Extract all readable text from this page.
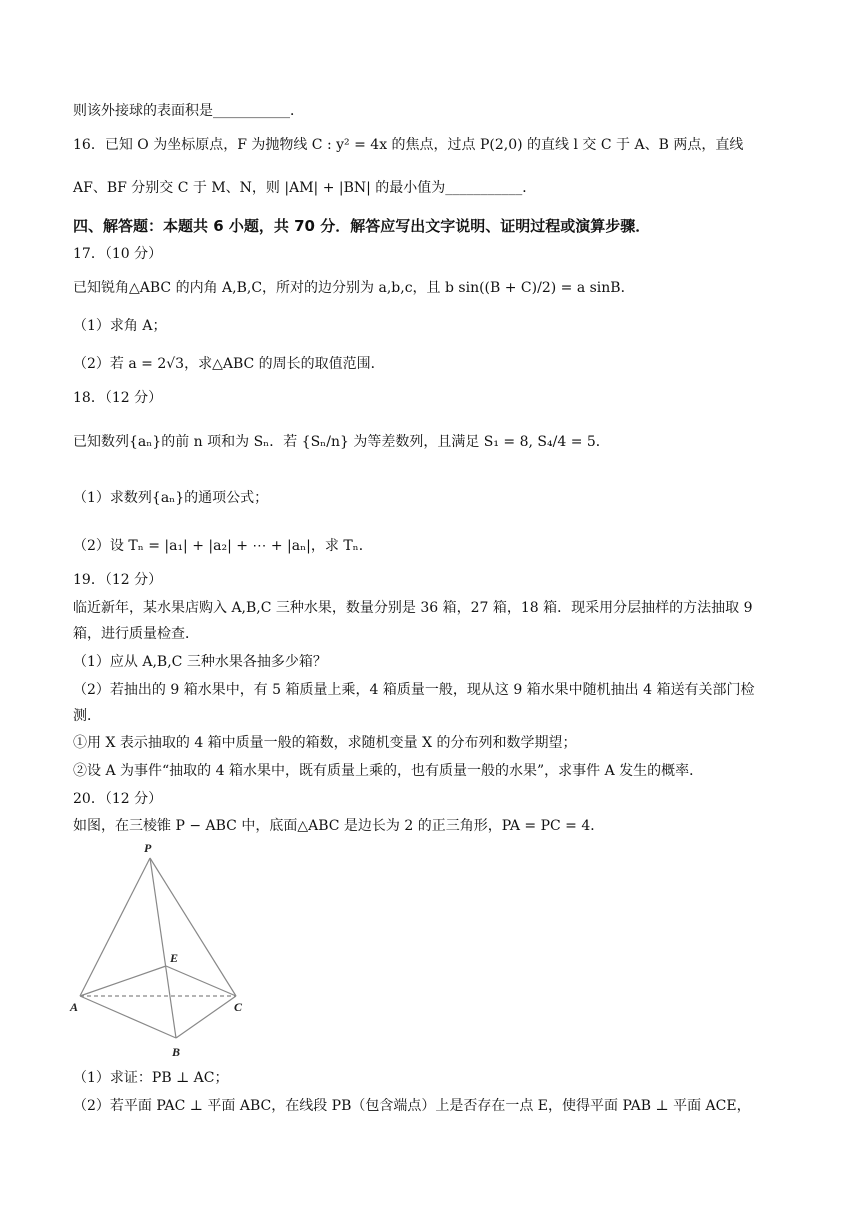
则该外接球的表面积是___________．
16．已知 O 为坐标原点，F 为抛物线 C : y² = 4x 的焦点，过点 P(2,0) 的直线 l 交 C 于 A、B 两点，直线
AF、BF 分别交 C 于 M、N，则 |AM| + |BN| 的最小值为___________．
四、解答题：本题共 6 小题，共 70 分．解答应写出文字说明、证明过程或演算步骤．
17．（10 分）
已知锐角△ABC 的内角 A,B,C，所对的边分别为 a,b,c，且 b sin((B + C)/2) = a sinB．
（1）求角 A；
（2）若 a = 2√3，求△ABC 的周长的取值范围．
18．（12 分）
已知数列{aₙ}的前 n 项和为 Sₙ．若 {Sₙ/n} 为等差数列，且满足 S₁ = 8, S₄/4 = 5．
（1）求数列{aₙ}的通项公式；
（2）设 Tₙ = |a₁| + |a₂| + ⋯ + |aₙ|，求 Tₙ．
19．（12 分）
临近新年，某水果店购入 A,B,C 三种水果，数量分别是 36 箱，27 箱，18 箱．现采用分层抽样的方法抽取 9
箱，进行质量检查．
（1）应从 A,B,C 三种水果各抽多少箱？
（2）若抽出的 9 箱水果中，有 5 箱质量上乘，4 箱质量一般，现从这 9 箱水果中随机抽出 4 箱送有关部门检
测．
①用 X 表示抽取的 4 箱中质量一般的箱数，求随机变量 X 的分布列和数学期望；
②设 A 为事件“抽取的 4 箱水果中，既有质量上乘的，也有质量一般的水果”，求事件 A 发生的概率．
20．（12 分）
如图，在三棱锥 P − ABC 中，底面△ABC 是边长为 2 的正三角形，PA = PC = 4．
P
E
A
B
C
（1）求证：PB ⊥ AC；
（2）若平面 PAC ⊥ 平面 ABC，在线段 PB（包含端点）上是否存在一点 E，使得平面 PAB ⊥ 平面 ACE，
